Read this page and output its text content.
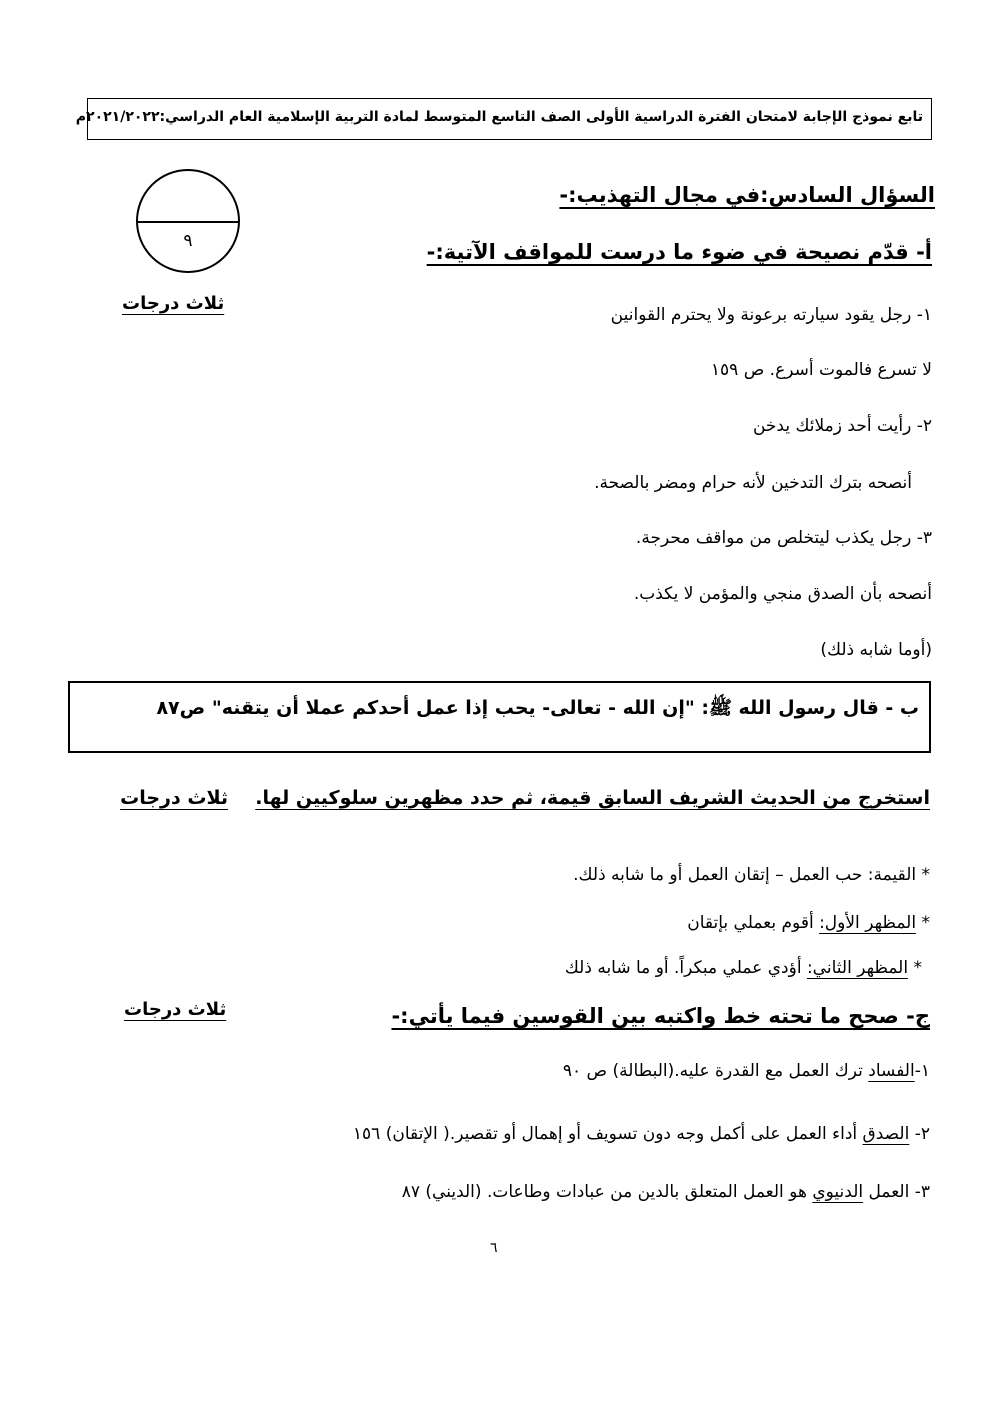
تابع نموذج الإجابة لامتحان الفترة الدراسية الأولى الصف التاسع المتوسط لمادة التربية الإسلامية العام الدراسي:٢٠٢١/٢٠٢٢م
السؤال السادس:في مجال التهذيب:-
٩	أ- قدّم نصيحة في ضوء ما درست للمواقف الآتية:-
ثلاث درجات
١- رجل يقود سيارته برعونة ولا يحترم القوانين
لا تسرع فالموت أسرع. ص ١٥٩
٢- رأيت أحد زملائك يدخن
أنصحه بترك التدخين لأنه حرام ومضر بالصحة.
٣- رجل يكذب ليتخلص من مواقف محرجة.
أنصحه بأن الصدق منجي والمؤمن لا يكذب.
(أوما شابه ذلك)
ب - قال رسول الله ﷺ: "إن الله - تعالى- يحب إذا عمل أحدكم عملا أن يتقنه" ص٨٧
استخرج من الحديث الشريف السابق قيمة، ثم حدد مظهرين سلوكيين لها.  ثلاث درجات
* القيمة: حب العمل – إتقان العمل أو ما شابه ذلك.
* المظهر الأول: أقوم بعملي بإتقان
* المظهر الثاني: أؤدي عملي مبكراً. أو ما شابه ذلك
ج- صحح ما تحته خط واكتبه بين القوسين فيما يأتي:-
ثلاث درجات
١-الفساد ترك العمل مع القدرة عليه.(البطالة) ص ٩٠
٢- الصدق أداء العمل على أكمل وجه دون تسويف أو إهمال أو تقصير.( الإتقان) ١٥٦
٣- العمل الدنيوي هو العمل المتعلق بالدين من عبادات وطاعات. (الديني) ٨٧
٦
